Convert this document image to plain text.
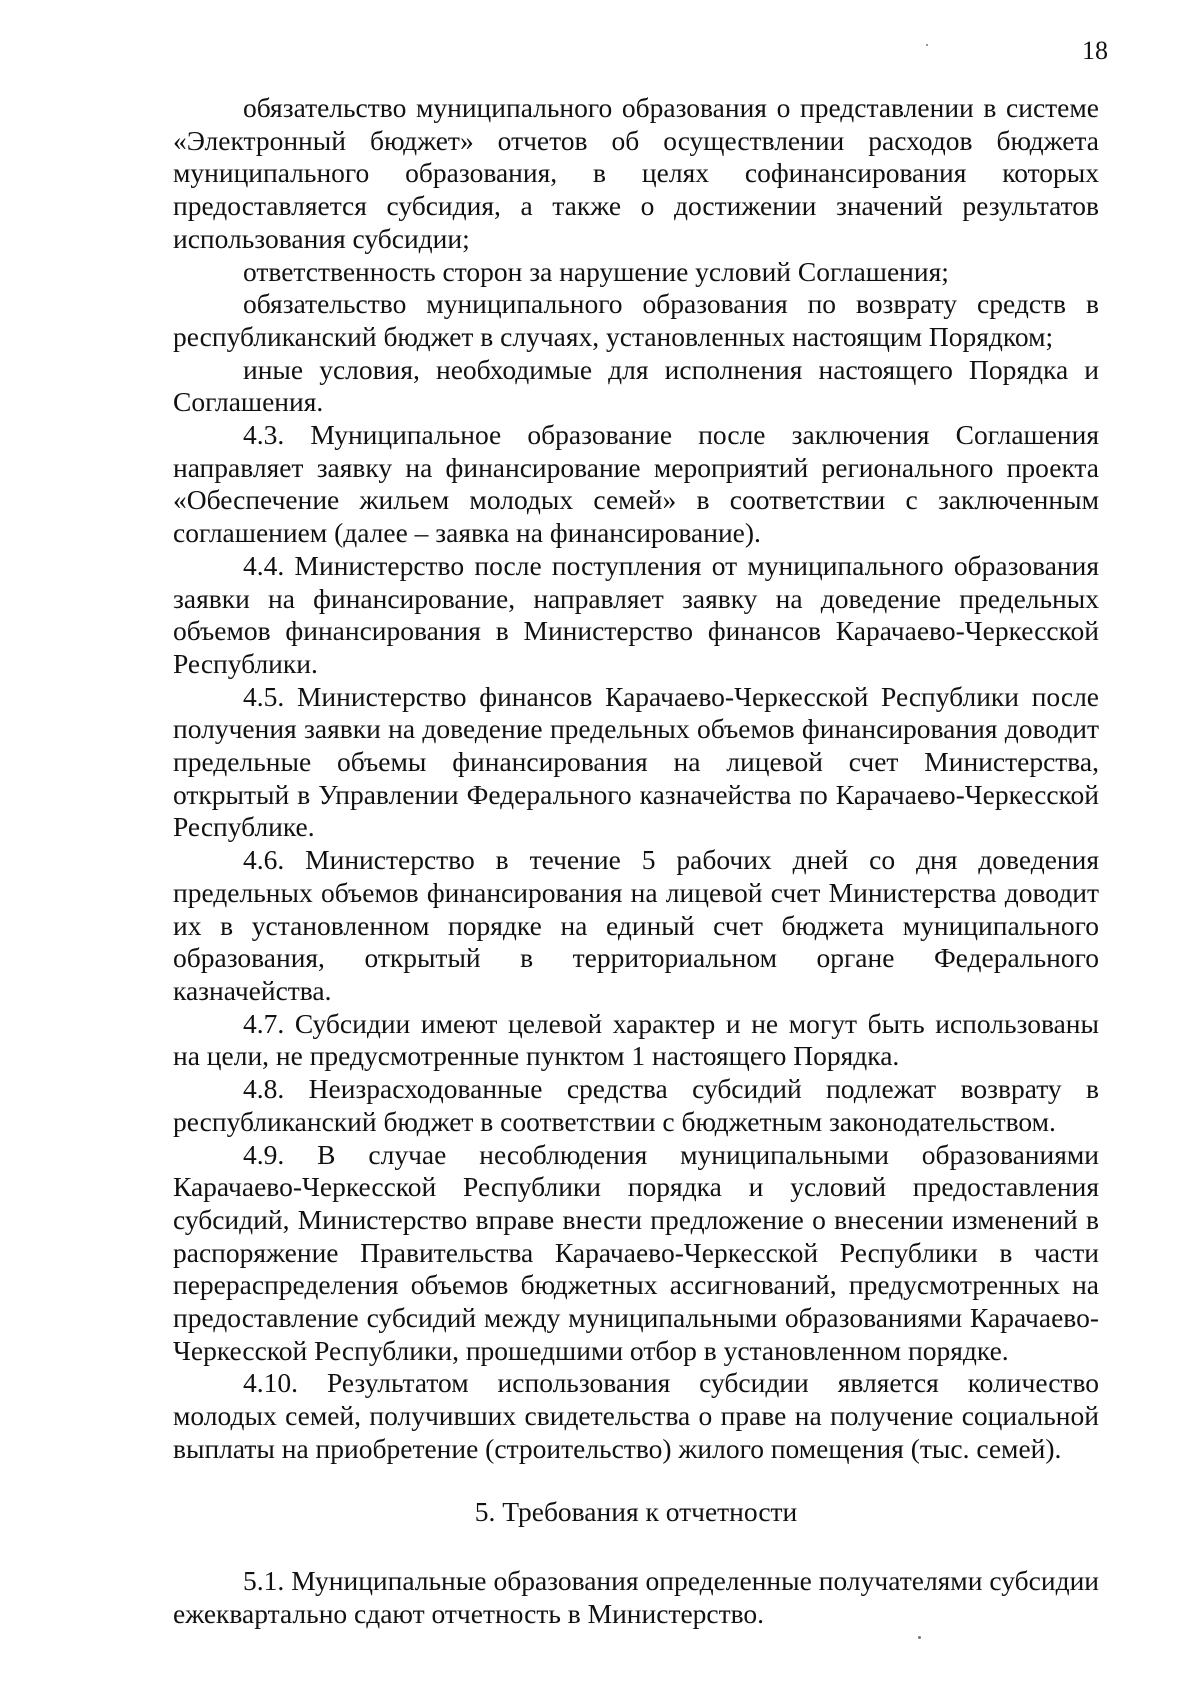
18

обязательство муниципального образования о представлении в системе «Электронный бюджет» отчетов об осуществлении расходов бюджета муниципального образования, в целях софинансирования которых предоставляется субсидия, а также о достижении значений результатов использования субсидии;

ответственность сторон за нарушение условий Соглашения;

обязательство муниципального образования по возврату средств в республиканский бюджет в случаях, установленных настоящим Порядком;

иные условия, необходимые для исполнения настоящего Порядка и Соглашения.

4.3. Муниципальное образование после заключения Соглашения направляет заявку на финансирование мероприятий регионального проекта «Обеспечение жильем молодых семей» в соответствии с заключенным соглашением (далее – заявка на финансирование).

4.4. Министерство после поступления от муниципального образования заявки на финансирование, направляет заявку на доведение предельных объемов финансирования в Министерство финансов Карачаево-Черкесской Республики.

4.5. Министерство финансов Карачаево-Черкесской Республики после получения заявки на доведение предельных объемов финансирования доводит предельные объемы финансирования на лицевой счет Министерства, открытый в Управлении Федерального казначейства по Карачаево-Черкесской Республике.

4.6. Министерство в течение 5 рабочих дней со дня доведения предельных объемов финансирования на лицевой счет Министерства доводит их в установленном порядке на единый счет бюджета муниципального образования, открытый в территориальном органе Федерального казначейства.

4.7. Субсидии имеют целевой характер и не могут быть использованы на цели, не предусмотренные пунктом 1 настоящего Порядка.

4.8. Неизрасходованные средства субсидий подлежат возврату в республиканский бюджет в соответствии с бюджетным законодательством.

4.9. В случае несоблюдения муниципальными образованиями Карачаево-Черкесской Республики порядка и условий предоставления субсидий, Министерство вправе внести предложение о внесении изменений в распоряжение Правительства Карачаево-Черкесской Республики в части перераспределения объемов бюджетных ассигнований, предусмотренных на предоставление субсидий между муниципальными образованиями Карачаево-Черкесской Республики, прошедшими отбор в установленном порядке.

4.10. Результатом использования субсидии является количество молодых семей, получивших свидетельства о праве на получение социальной выплаты на приобретение (строительство) жилого помещения (тыс. семей).

5. Требования к отчетности

5.1. Муниципальные образования определенные получателями субсидии ежеквартально сдают отчетность в Министерство.
